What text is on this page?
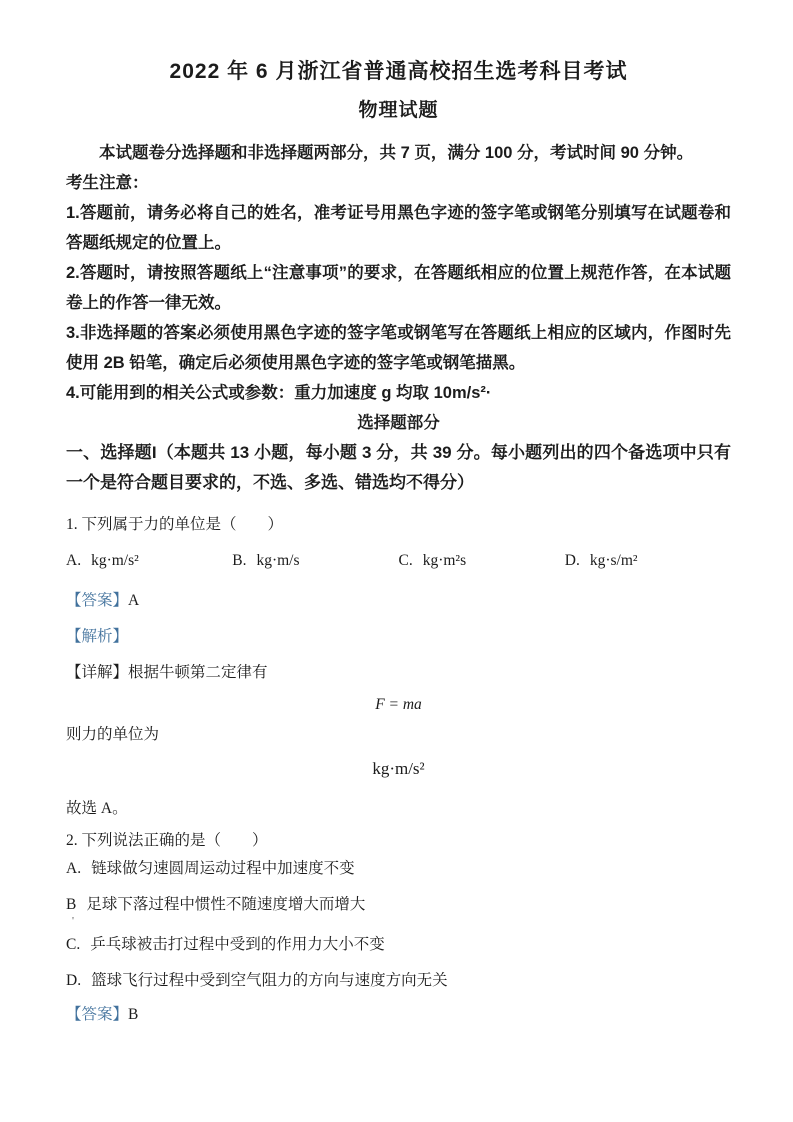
2022 年 6 月浙江省普通高校招生选考科目考试
物理试题

本试题卷分选择题和非选择题两部分，共 7 页，满分 100 分，考试时间 90 分钟。

考生注意：

1.答题前，请务必将自己的姓名，准考证号用黑色字迹的签字笔或钢笔分别填写在试题卷和答题纸规定的位置上。

2.答题时，请按照答题纸上“注意事项”的要求，在答题纸相应的位置上规范作答，在本试题卷上的作答一律无效。

3.非选择题的答案必须使用黑色字迹的签字笔或钢笔写在答题纸上相应的区域内，作图时先使用 2B 铅笔，确定后必须使用黑色字迹的签字笔或钢笔描黑。

4.可能用到的相关公式或参数：重力加速度 g 均取 10m/s²·

选择题部分

一、选择题I（本题共 13 小题，每小题 3 分，共 39 分。每小题列出的四个备选项中只有一个是符合题目要求的，不选、多选、错选均不得分）

1. 下列属于力的单位是（　　）

A. kg·m/s²	B. kg·m/s	C. kg·m²s	D. kg·s/m²

【答案】A

【解析】

【详解】根据牛顿第二定律有

F = ma

则力的单位为

kg·m/s²

故选 A。

2. 下列说法正确的是（　　）

A. 链球做匀速圆周运动过程中加速度不变

B 足球下落过程中惯性不随速度增大而增大

'

C. 乒乓球被击打过程中受到的作用力大小不变

D. 篮球飞行过程中受到空气阻力的方向与速度方向无关

【答案】B
